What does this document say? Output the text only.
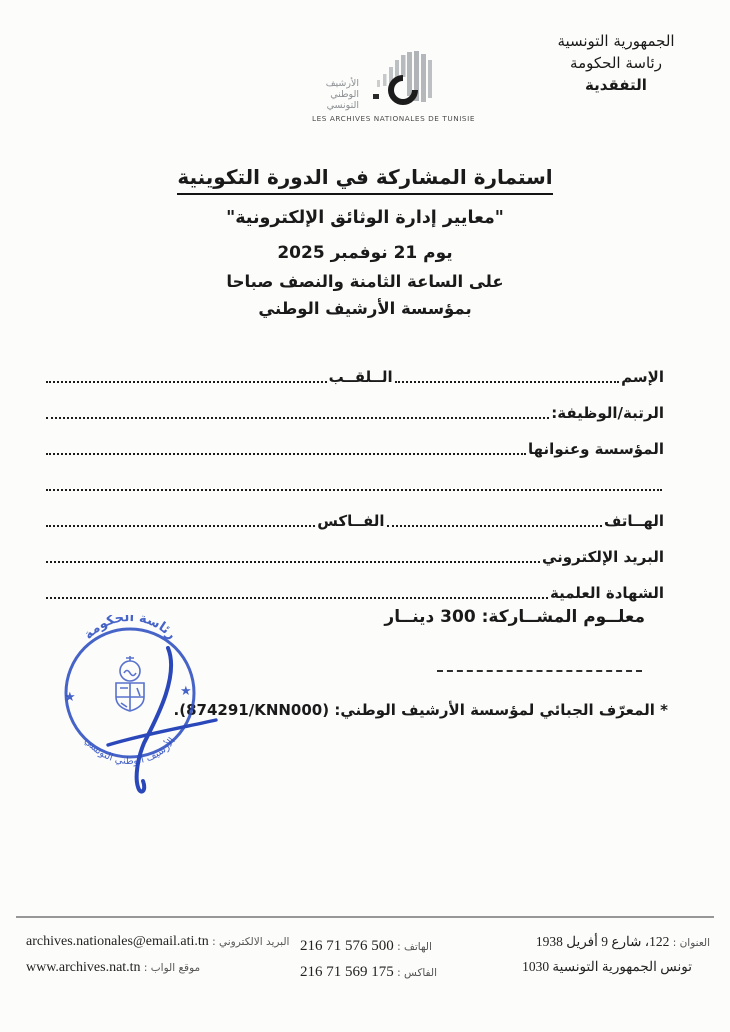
الجمهورية التونسية
رئاسة الحكومة
التفقدية
الأرشيف
الوطني
التونسي
LES ARCHIVES NATIONALES DE TUNISIE
استمارة المشاركة في الدورة التكوينية
"معايير إدارة الوثائق الإلكترونية"
يوم 21 نوفمبر 2025
على الساعة الثامنة والنصف صباحا
بمؤسسة الأرشيف الوطني
الإسم
الــلقــب
الرتبة/الوظيفة:
المؤسسة وعنوانها
الهــاتف
الفــاكس
البريد الإلكتروني
الشهادة العلمية
معلــوم المشــاركة: 300 دينــار
* المعرّف الجبائي لمؤسسة الأرشيف الوطني: (874291/KNN000).
رئاسة الحكومة
الأرشيف الوطني التونسي
★	★
العنوان : 122، شارع 9 أفريل 1938
1030 تونس الجمهورية التونسية
الهاتف : 216 71 576 500
الفاكس : 216 71 569 175
البريد الالكتروني : archives.nationales@email.ati.tn
موقع الواب : www.archives.nat.tn
